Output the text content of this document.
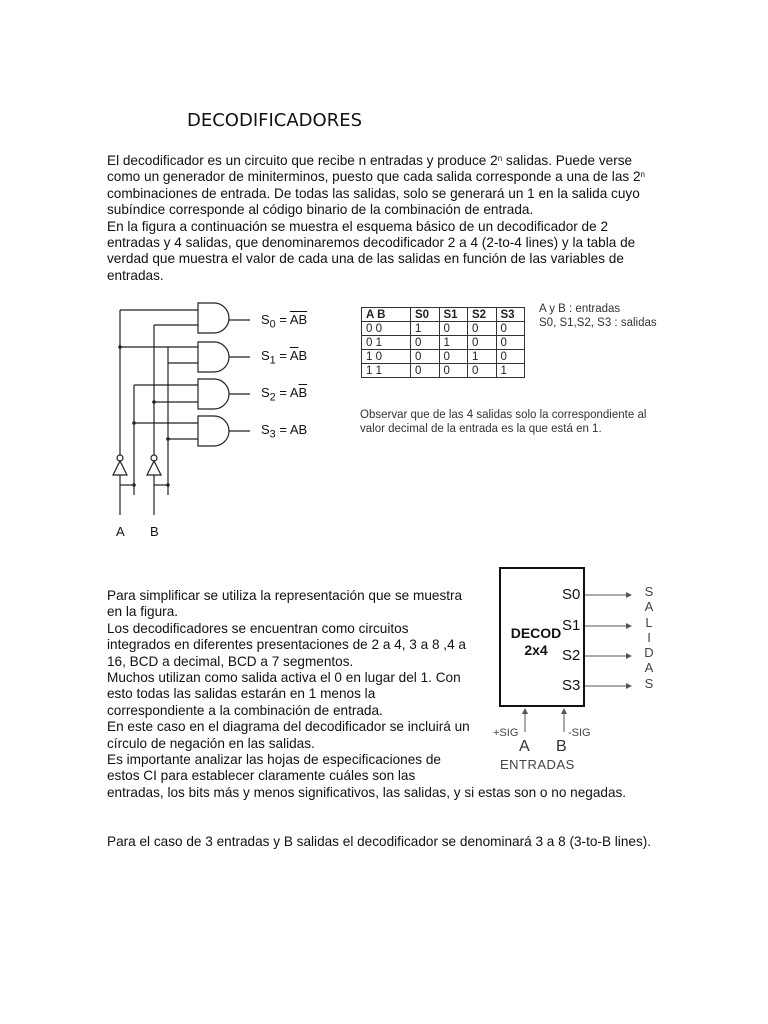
DECODIFICADORES
El decodificador es un circuito que recibe n entradas y produce 2$^n$ salidas. Puede verse
como un generador de miniterminos, puesto que cada salida corresponde a una de las 2$^n$
combinaciones de entrada. De todas las salidas, solo se generará un 1 en la salida cuyo
subíndice corresponde al código binario de la combinación de entrada.
En la figura a continuación se muestra el esquema básico de un decodificador de 2
entradas y 4 salidas, que denominaremos decodificador 2 a 4 (2-to-4 lines) y la tabla de
verdad que muestra el valor de cada una de las salidas en función de las variables de
entradas.
A B
$S_0 = \overline{A}\overline{B}$
$S_1 = \overline{A}B$
$S_2 = A\overline{B}$
$S_3$ = AB
A B	S0	S1	S2	S3
0 0	1	0	0	0
0 1	0	1	0	0
1 0	0	0	1	0
1 1	0	0	0	1
A y B : entradas
S0, S1,S2, S3 : salidas
Observar que de las 4 salidas solo la correspondiente al
valor decimal de la entrada es la que está en 1.
DECOD
2x4
S0
S1
S2
S3
+SIG	-SIG
A B
ENTRADAS
S
A
L
I
D
A
S
Para simplificar se utiliza la representación que se muestra
en la figura.
Los decodificadores se encuentran como circuitos
integrados en diferentes presentaciones de 2 a 4, 3 a 8 ,4 a
16, BCD a decimal, BCD a 7 segmentos.
Muchos utilizan como salida activa el 0 en lugar del 1. Con
esto todas las salidas estarán en 1 menos la
correspondiente a la combinación de entrada.
En este caso en el diagrama del decodificador se incluirá un
círculo de negación en las salidas.
Es importante analizar las hojas de especificaciones de
estos CI para establecer claramente cuáles son las
entradas, los bits más y menos significativos, las salidas, y si estas son o no negadas.
Para el caso de 3 entradas y B salidas el decodificador se denominará 3 a 8 (3-to-B lines).
